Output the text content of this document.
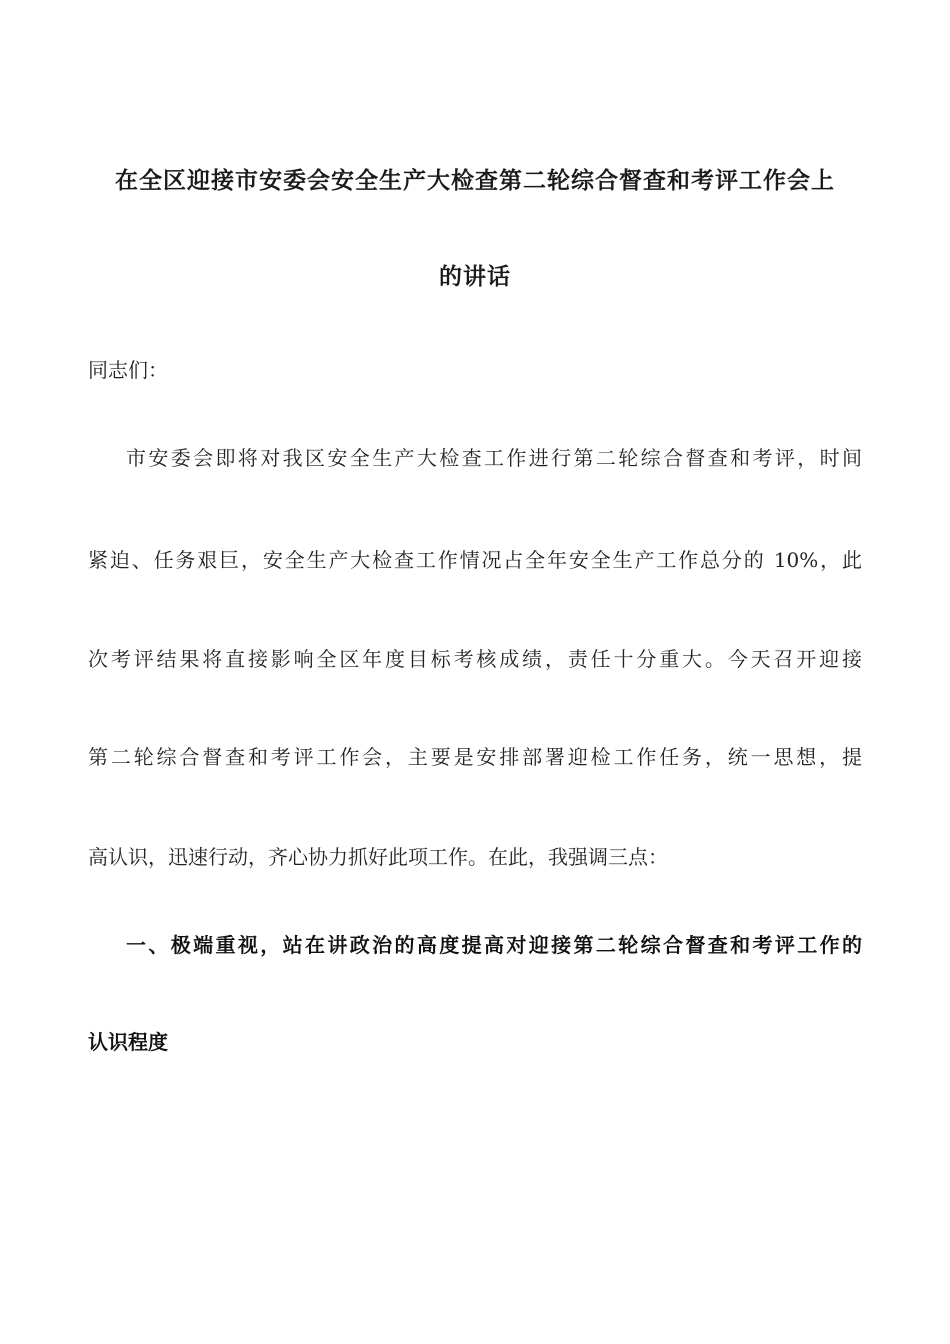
在全区迎接市安委会安全生产大检查第二轮综合督查和考评工作会上
的讲话
同志们：
市安委会即将对我区安全生产大检查工作进行第二轮综合督查和考评，时间
紧迫、任务艰巨，安全生产大检查工作情况占全年安全生产工作总分的 10%，此
次考评结果将直接影响全区年度目标考核成绩，责任十分重大。今天召开迎接
第二轮综合督查和考评工作会，主要是安排部署迎检工作任务，统一思想，提
高认识，迅速行动，齐心协力抓好此项工作。在此，我强调三点：
一、极端重视，站在讲政治的高度提高对迎接第二轮综合督查和考评工作的
认识程度
